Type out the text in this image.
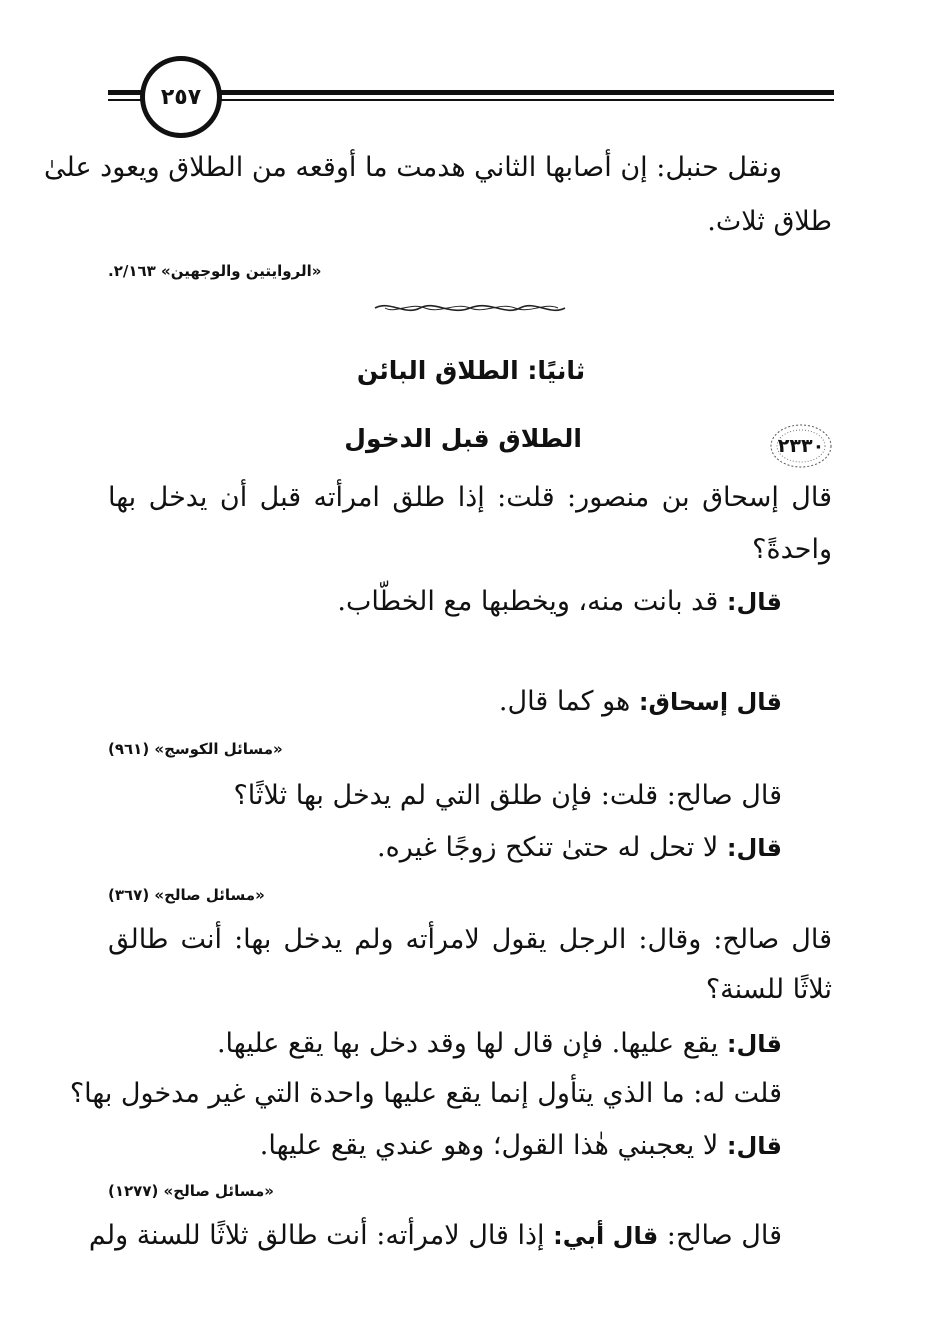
٢٥٧
ونقل حنبل: إن أصابها الثاني هدمت ما أوقعه من الطلاق ويعود علىٰ
طلاق ثلاث.
«الروايتين والوجهين» ٢/١٦٣.
ثانيًا: الطلاق البائن
٢٣٣٠
الطلاق قبل الدخول
قال إسحاق بن منصور: قلت: إذا طلق امرأته قبل أن يدخل بها
واحدةً؟
قال: قد بانت منه، ويخطبها مع الخطّاب.
قال إسحاق: هو كما قال.
«مسائل الكوسج» (٩٦١)
قال صالح: قلت: فإن طلق التي لم يدخل بها ثلاثًا؟
قال: لا تحل له حتىٰ تنكح زوجًا غيره.
«مسائل صالح» (٣٦٧)
قال صالح: وقال: الرجل يقول لامرأته ولم يدخل بها: أنت طالق
ثلاثًا للسنة؟
قال: يقع عليها. فإن قال لها وقد دخل بها يقع عليها.
قلت له: ما الذي يتأول إنما يقع عليها واحدة التي غير مدخول بها؟
قال: لا يعجبني هٰذا القول؛ وهو عندي يقع عليها.
«مسائل صالح» (١٢٧٧)
قال صالح: قال أبي: إذا قال لامرأته: أنت طالق ثلاثًا للسنة ولم
